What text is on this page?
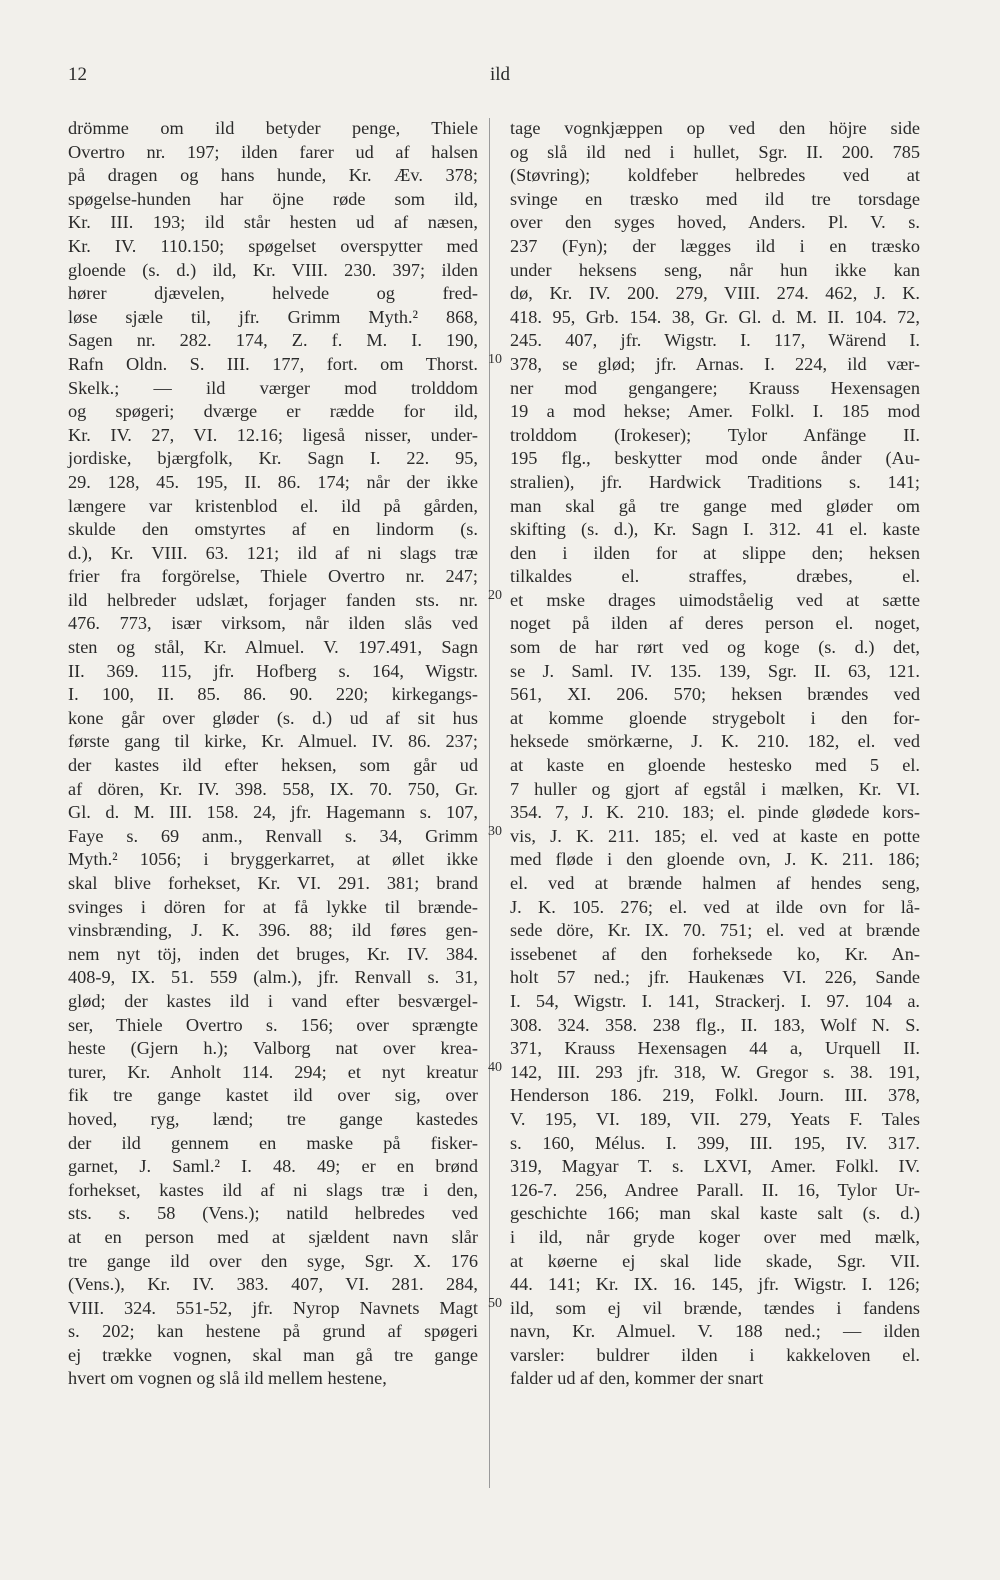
12	ild
drömme om ild betyder penge, Thiele
Overtro nr. 197; ilden farer ud af halsen
på dragen og hans hunde, Kr. Æv. 378;
spøgelse-hunden har öjne røde som ild,
Kr. III. 193; ild står hesten ud af næsen,
Kr. IV. 110.150; spøgelset overspytter med
gloende (s. d.) ild, Kr. VIII. 230. 397; ilden
hører djævelen, helvede og fred-
løse sjæle til, jfr. Grimm Myth.² 868,
Sagen nr. 282. 174, Z. f. M. I. 190,
Rafn Oldn. S. III. 177, fort. om Thorst.
Skelk.; — ild værger mod trolddom
og spøgeri; dværge er rædde for ild,
Kr. IV. 27, VI. 12.16; ligeså nisser, under-
jordiske, bjærgfolk, Kr. Sagn I. 22. 95,
29. 128, 45. 195, II. 86. 174; når der ikke
længere var kristenblod el. ild på gården,
skulde den omstyrtes af en lindorm (s.
d.), Kr. VIII. 63. 121; ild af ni slags træ
frier fra forgörelse, Thiele Overtro nr. 247;
ild helbreder udslæt, forjager fanden sts. nr.
476. 773, især virksom, når ilden slås ved
sten og stål, Kr. Almuel. V. 197.491, Sagn
II. 369. 115, jfr. Hofberg s. 164, Wigstr.
I. 100, II. 85. 86. 90. 220; kirkegangs-
kone går over gløder (s. d.) ud af sit hus
første gang til kirke, Kr. Almuel. IV. 86. 237;
der kastes ild efter heksen, som går ud
af dören, Kr. IV. 398. 558, IX. 70. 750, Gr.
Gl. d. M. III. 158. 24, jfr. Hagemann s. 107,
Faye s. 69 anm., Renvall s. 34, Grimm
Myth.² 1056; i bryggerkarret, at øllet ikke
skal blive forhekset, Kr. VI. 291. 381; brand
svinges i dören for at få lykke til brænde-
vinsbrænding, J. K. 396. 88; ild føres gen-
nem nyt töj, inden det bruges, Kr. IV. 384.
408-9, IX. 51. 559 (alm.), jfr. Renvall s. 31,
glød; der kastes ild i vand efter besværgel-
ser, Thiele Overtro s. 156; over sprængte
heste (Gjern h.); Valborg nat over krea-
turer, Kr. Anholt 114. 294; et nyt kreatur
fik tre gange kastet ild over sig, over
hoved, ryg, lænd; tre gange kastedes
der ild gennem en maske på fisker-
garnet, J. Saml.² I. 48. 49; er en brønd
forhekset, kastes ild af ni slags træ i den,
sts. s. 58 (Vens.); natild helbredes ved
at en person med at sjældent navn slår
tre gange ild over den syge, Sgr. X. 176
(Vens.), Kr. IV. 383. 407, VI. 281. 284,
VIII. 324. 551-52, jfr. Nyrop Navnets Magt
s. 202; kan hestene på grund af spøgeri
ej trække vognen, skal man gå tre gange
hvert om vognen og slå ild mellem hestene,
tage vognkjæppen op ved den höjre side
og slå ild ned i hullet, Sgr. II. 200. 785
(Støvring); koldfeber helbredes ved at
svinge en træsko med ild tre torsdage
over den syges hoved, Anders. Pl. V. s.
237 (Fyn); der lægges ild i en træsko
under heksens seng, når hun ikke kan
dø, Kr. IV. 200. 279, VIII. 274. 462, J. K.
418. 95, Grb. 154. 38, Gr. Gl. d. M. II. 104. 72,
245. 407, jfr. Wigstr. I. 117, Wärend I.
378, se glød; jfr. Arnas. I. 224, ild vær-
ner mod gengangere; Krauss Hexensagen
19 a mod hekse; Amer. Folkl. I. 185 mod
trolddom (Irokeser); Tylor Anfänge II.
195 flg., beskytter mod onde ånder (Au-
stralien), jfr. Hardwick Traditions s. 141;
man skal gå tre gange med gløder om
skifting (s. d.), Kr. Sagn I. 312. 41 el. kaste
den i ilden for at slippe den; heksen
tilkaldes el. straffes, dræbes, el.
et mske drages uimodståelig ved at sætte
noget på ilden af deres person el. noget,
som de har rørt ved og koge (s. d.) det,
se J. Saml. IV. 135. 139, Sgr. II. 63, 121.
561, XI. 206. 570; heksen brændes ved
at komme gloende strygebolt i den for-
heksede smörkærne, J. K. 210. 182, el. ved
at kaste en gloende hestesko med 5 el.
7 huller og gjort af egstål i mælken, Kr. VI.
354. 7, J. K. 210. 183; el. pinde glødede kors-
vis, J. K. 211. 185; el. ved at kaste en potte
med fløde i den gloende ovn, J. K. 211. 186;
el. ved at brænde halmen af hendes seng,
J. K. 105. 276; el. ved at ilde ovn for lå-
sede döre, Kr. IX. 70. 751; el. ved at brænde
issebenet af den forheksede ko, Kr. An-
holt 57 ned.; jfr. Haukenæs VI. 226, Sande
I. 54, Wigstr. I. 141, Strackerj. I. 97. 104 a.
308. 324. 358. 238 flg., II. 183, Wolf N. S.
371, Krauss Hexensagen 44 a, Urquell II.
142, III. 293 jfr. 318, W. Gregor s. 38. 191,
Henderson 186. 219, Folkl. Journ. III. 378,
V. 195, VI. 189, VII. 279, Yeats F. Tales
s. 160, Mélus. I. 399, III. 195, IV. 317.
319, Magyar T. s. LXVI, Amer. Folkl. IV.
126-7. 256, Andree Parall. II. 16, Tylor Ur-
geschichte 166; man skal kaste salt (s. d.)
i ild, når gryde koger over med mælk,
at køerne ej skal lide skade, Sgr. VII.
44. 141; Kr. IX. 16. 145, jfr. Wigstr. I. 126;
ild, som ej vil brænde, tændes i fandens
navn, Kr. Almuel. V. 188 ned.; — ilden
varsler: buldrer ilden i kakkeloven el.
falder ud af den, kommer der snart
10
20
30
40
50
